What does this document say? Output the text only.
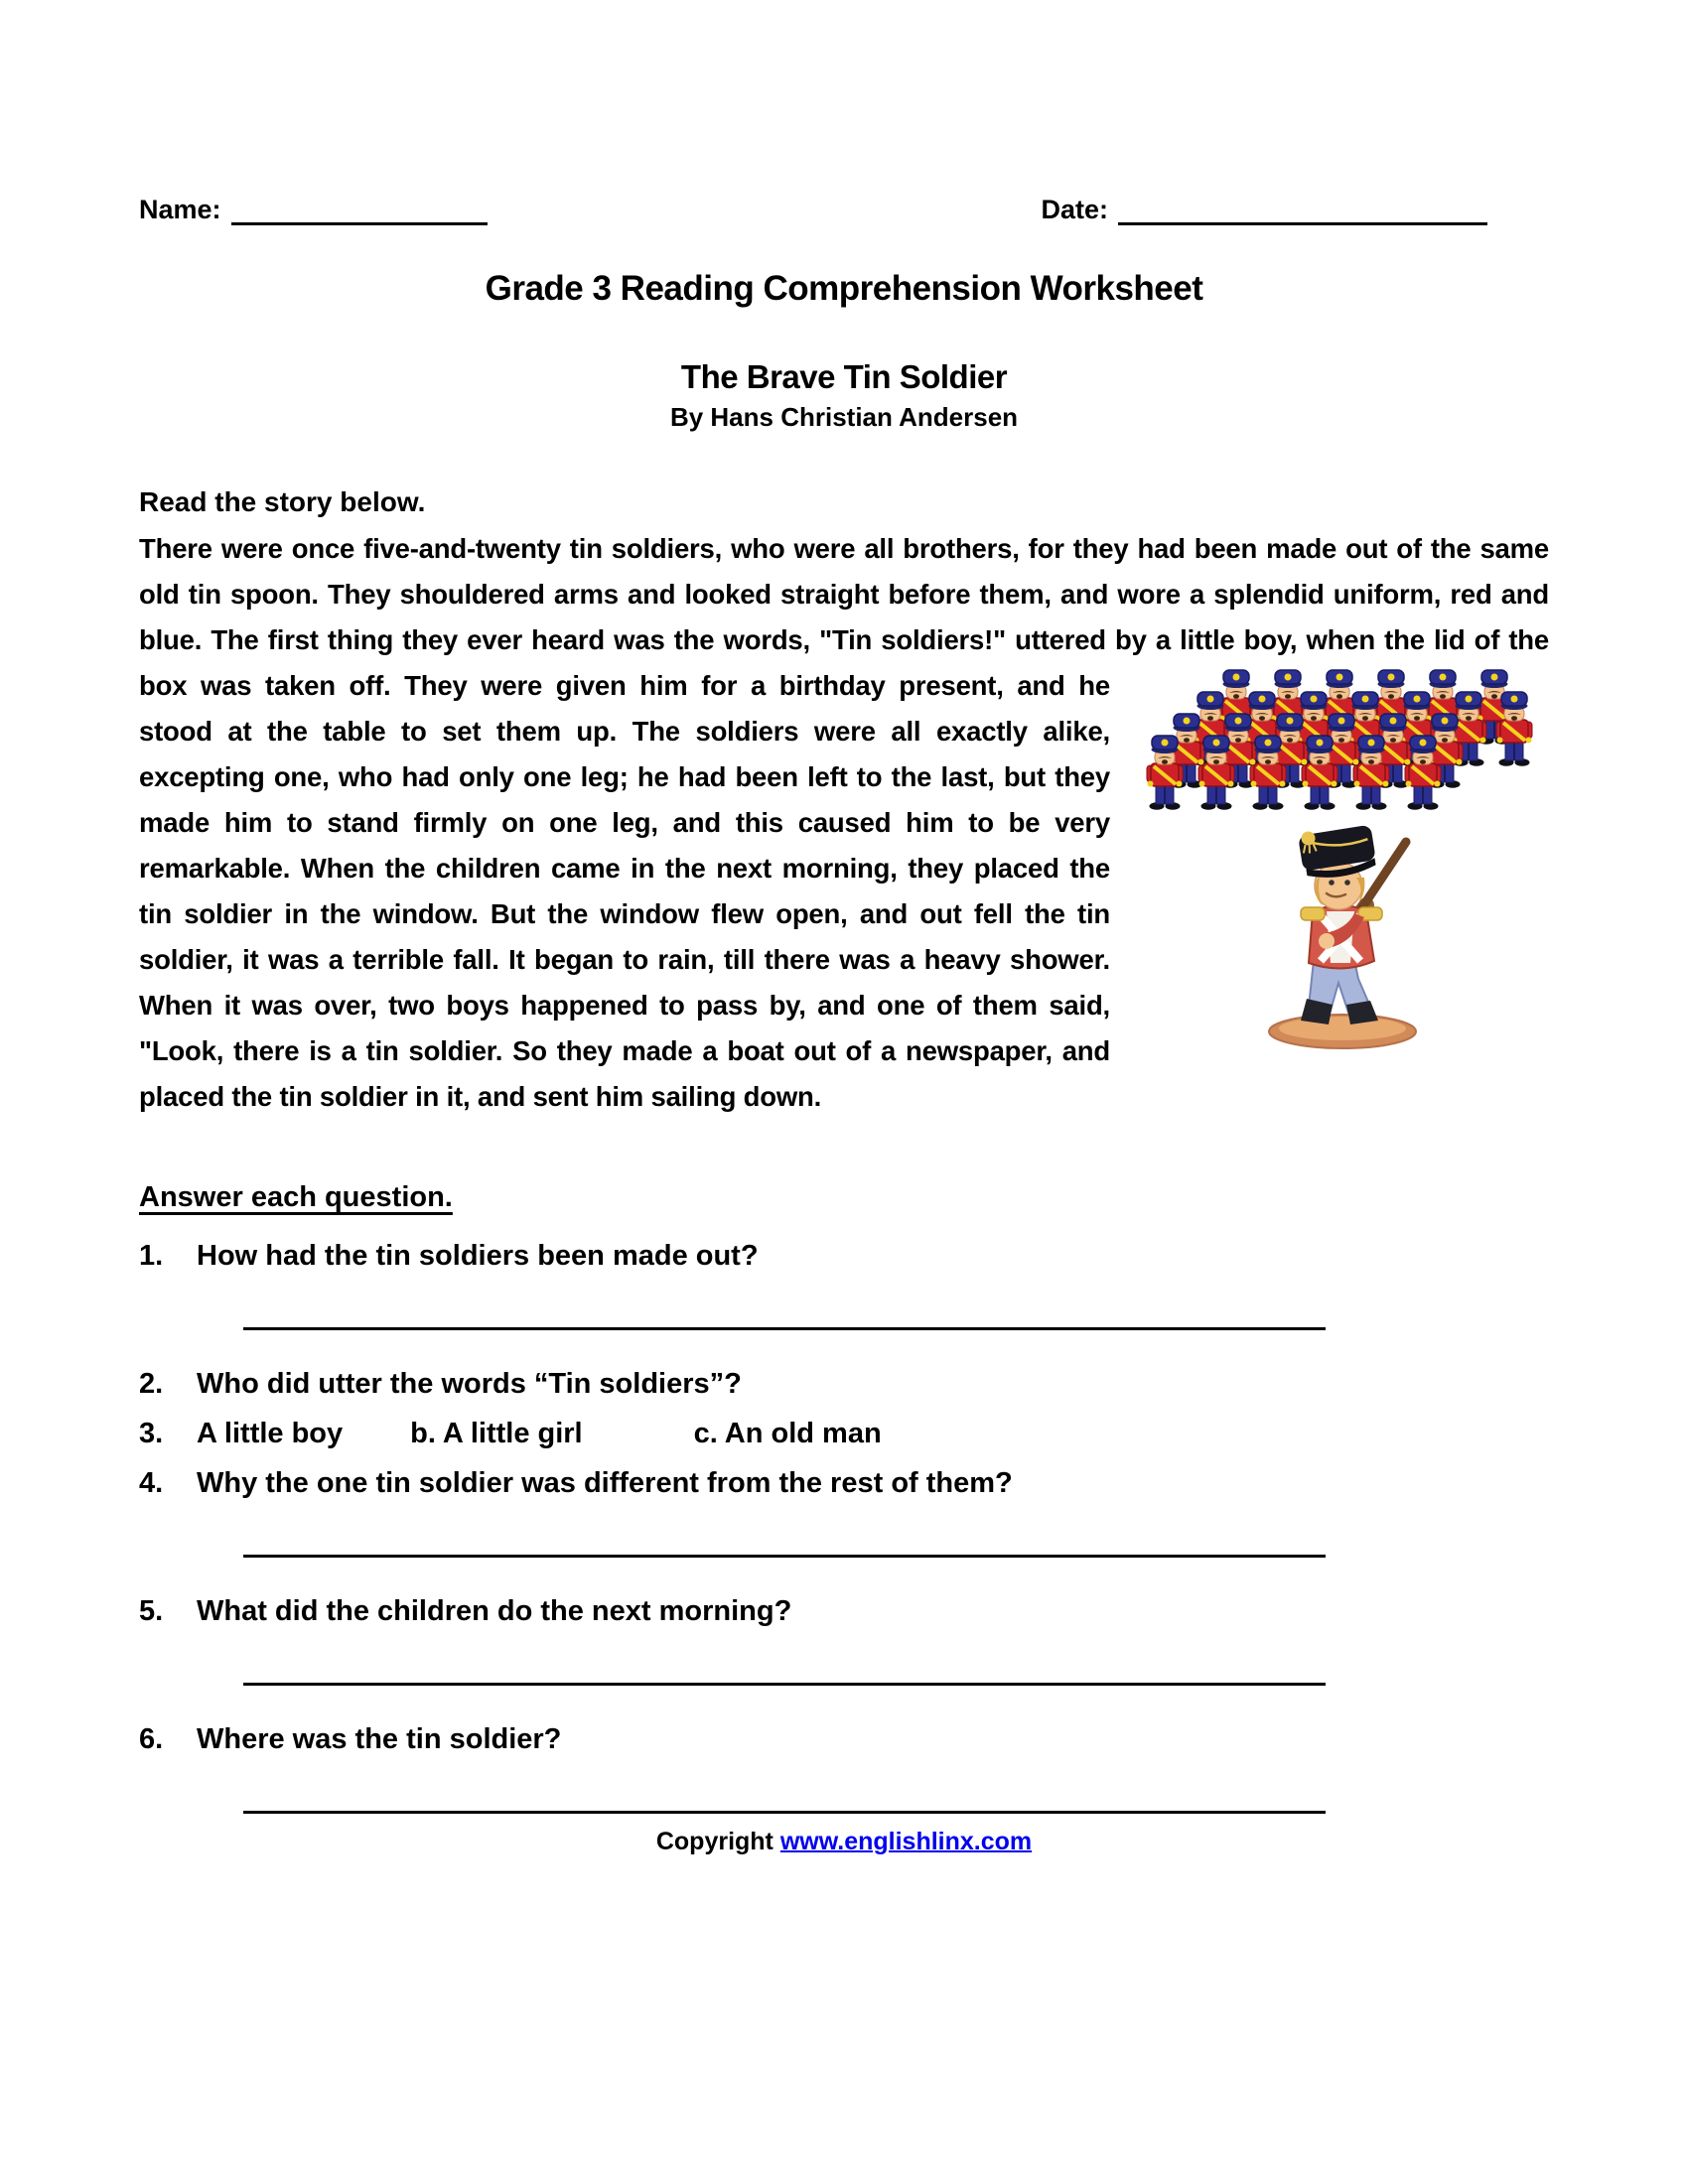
Name:	Date:
Grade 3 Reading Comprehension Worksheet
The Brave Tin Soldier
By Hans Christian Andersen
Read the story below.
There were once five-and-twenty tin soldiers, who were all brothers, for they had been made out of the same old tin spoon. They shouldered arms and looked straight before them, and wore a splendid uniform, red and blue. The first thing they ever heard was the words, "Tin soldiers!" uttered by a little boy, when the lid of the box was taken off. They were given him for a birthday
present, and he stood at the table to set them up. The soldiers were all exactly alike, excepting one, who had only one leg; he had been left to the last, but they made him to stand firmly on one leg, and this caused him to be very remarkable. When the children came in the next morning, they placed the tin soldier in the window. But the window flew open, and out fell the tin soldier, it was a terrible fall. It began to rain, till there was a heavy shower. When it was over, two boys happened to pass by, and one of them said, "Look, there is a tin soldier. So they made a boat out of a newspaper, and placed the tin soldier in it, and sent him sailing down.
Answer each question.
1.	How had the tin soldiers been made out?
2.	Who did utter the words “Tin soldiers”?
3.	A little boy b. A little girl	c. An old man
4.	Why the one tin soldier was different from the rest of them?
5.	What did the children do the next morning?
6.	Where was the tin soldier?
Copyright www.englishlinx.com
